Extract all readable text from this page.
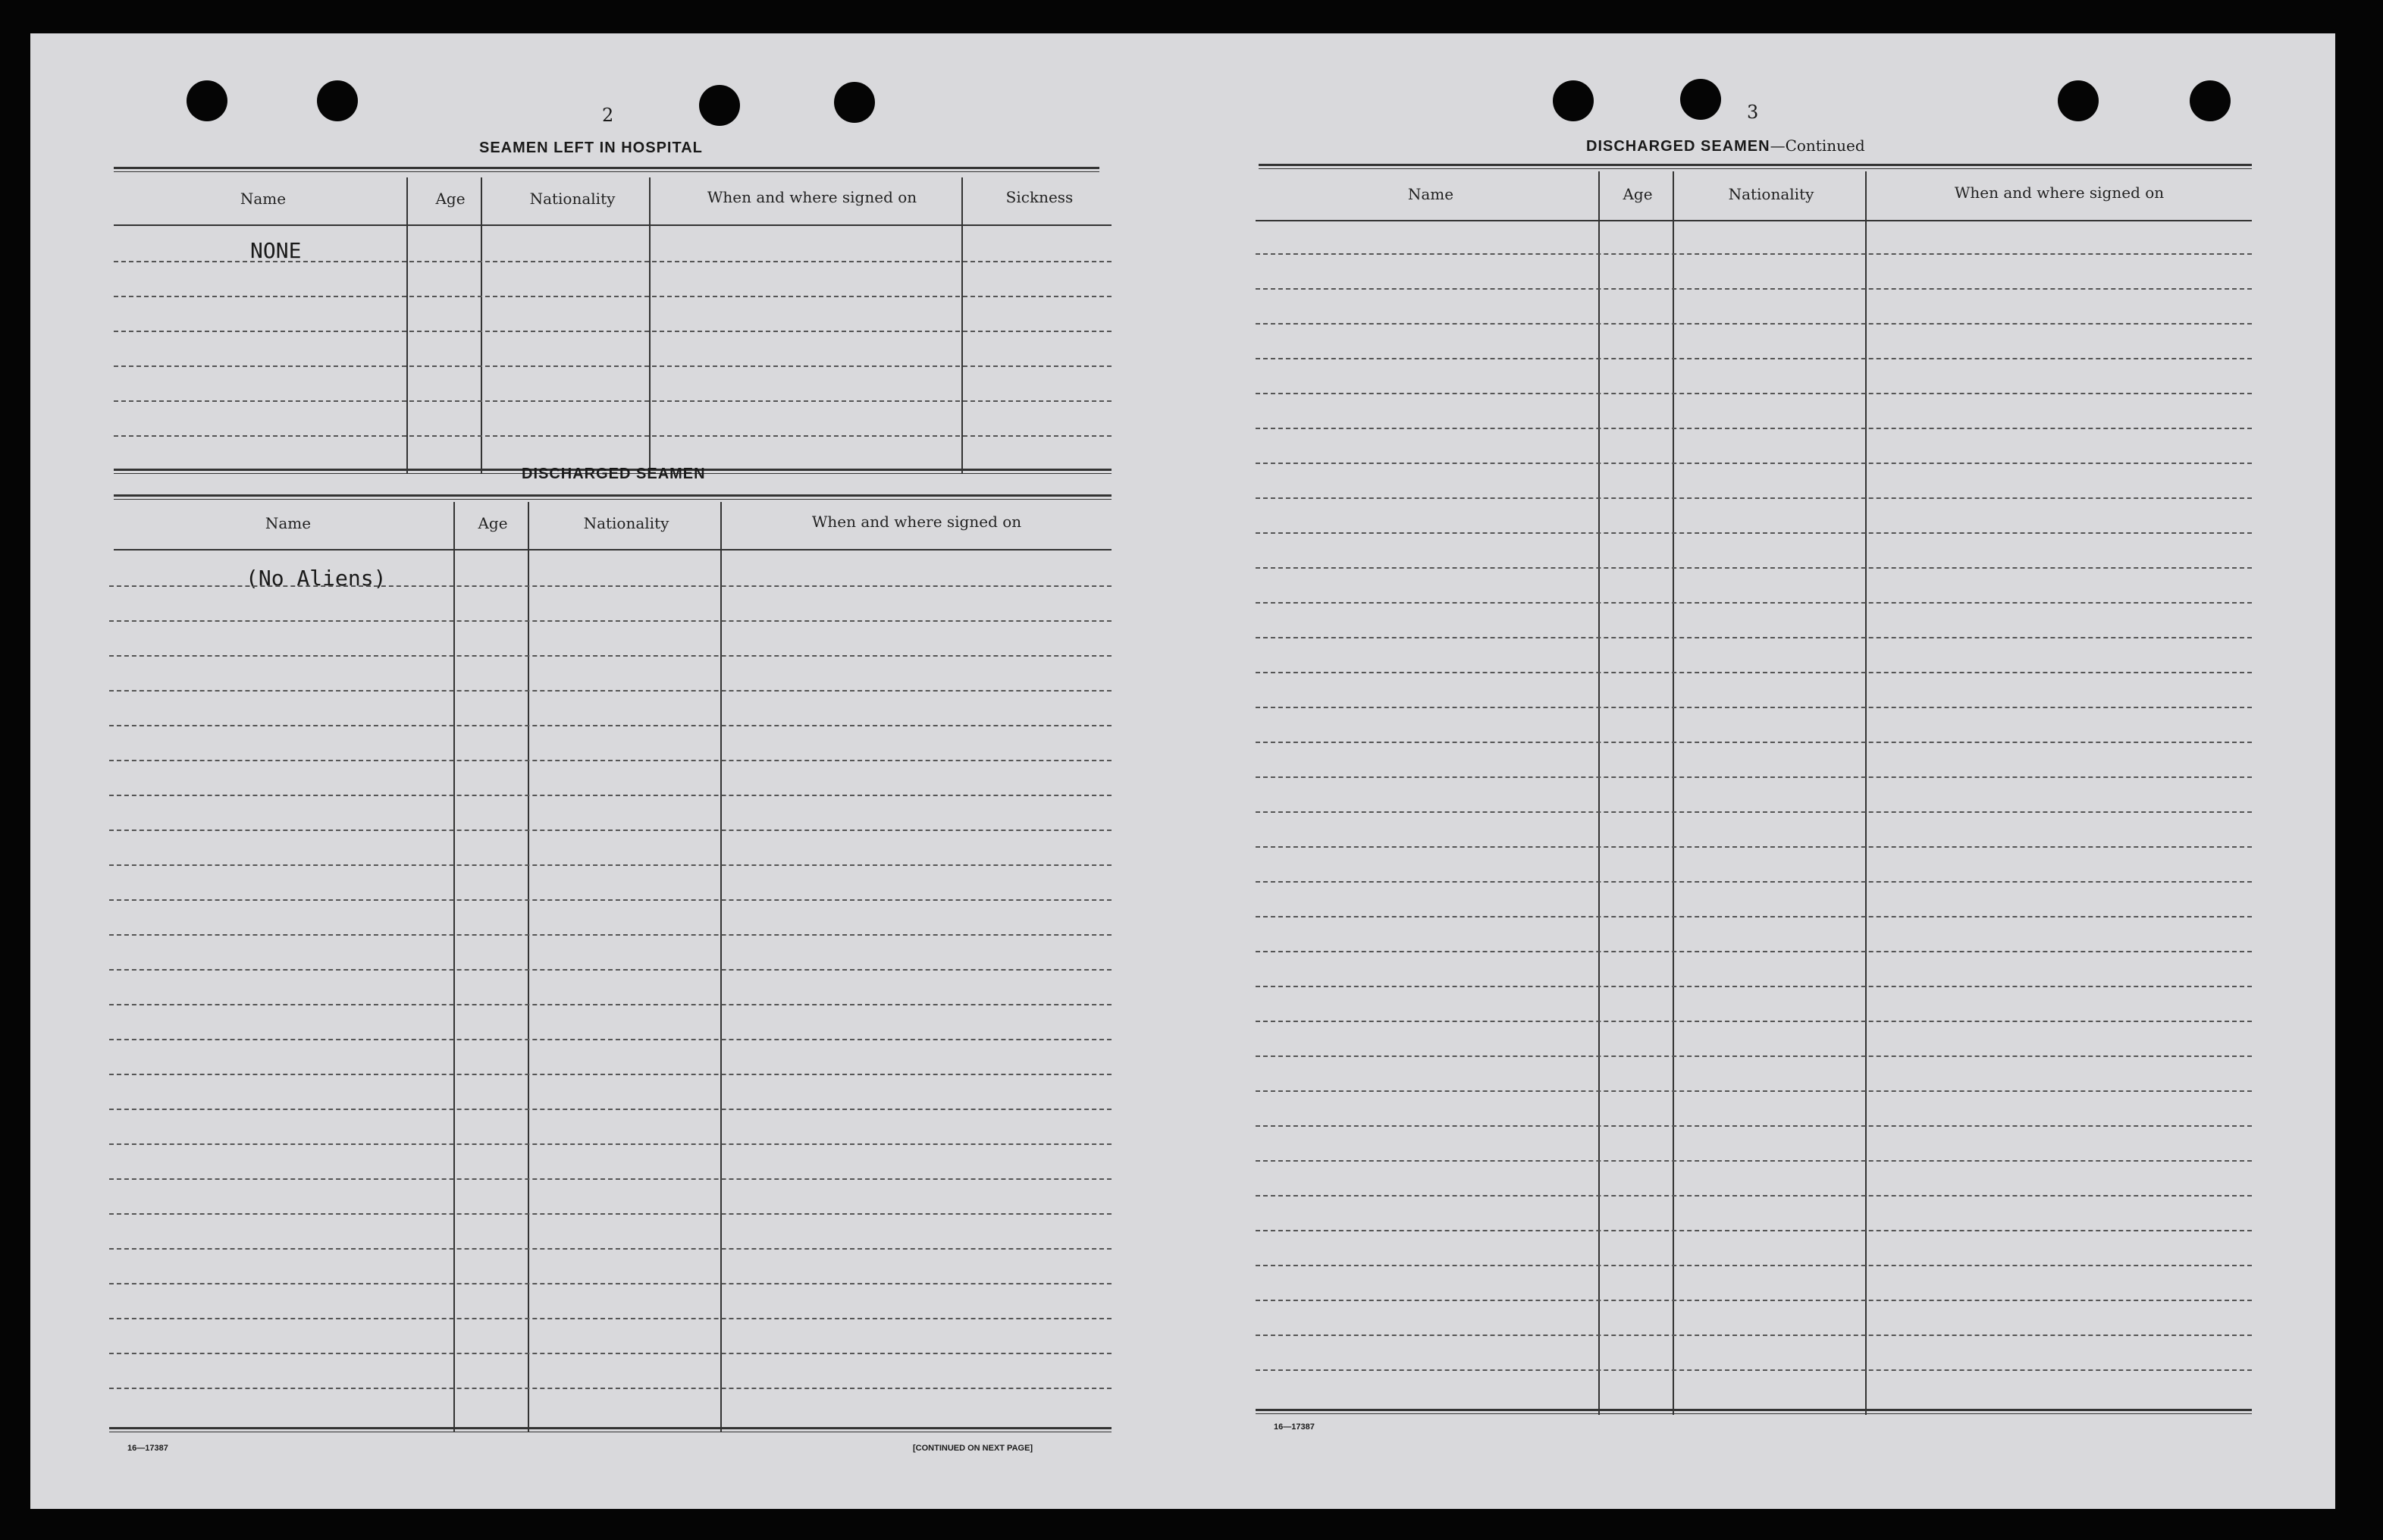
2
SEAMEN LEFT IN HOSPITAL
Name	Age	Nationality	When and where signed on	Sickness
NONE
DISCHARGED SEAMEN
Name	Age	Nationality	When and where signed on
(No Aliens)
16—17387	[CONTINUED ON NEXT PAGE]
3
DISCHARGED SEAMEN—Continued
Name	Age	Nationality	When and where signed on
16—17387
